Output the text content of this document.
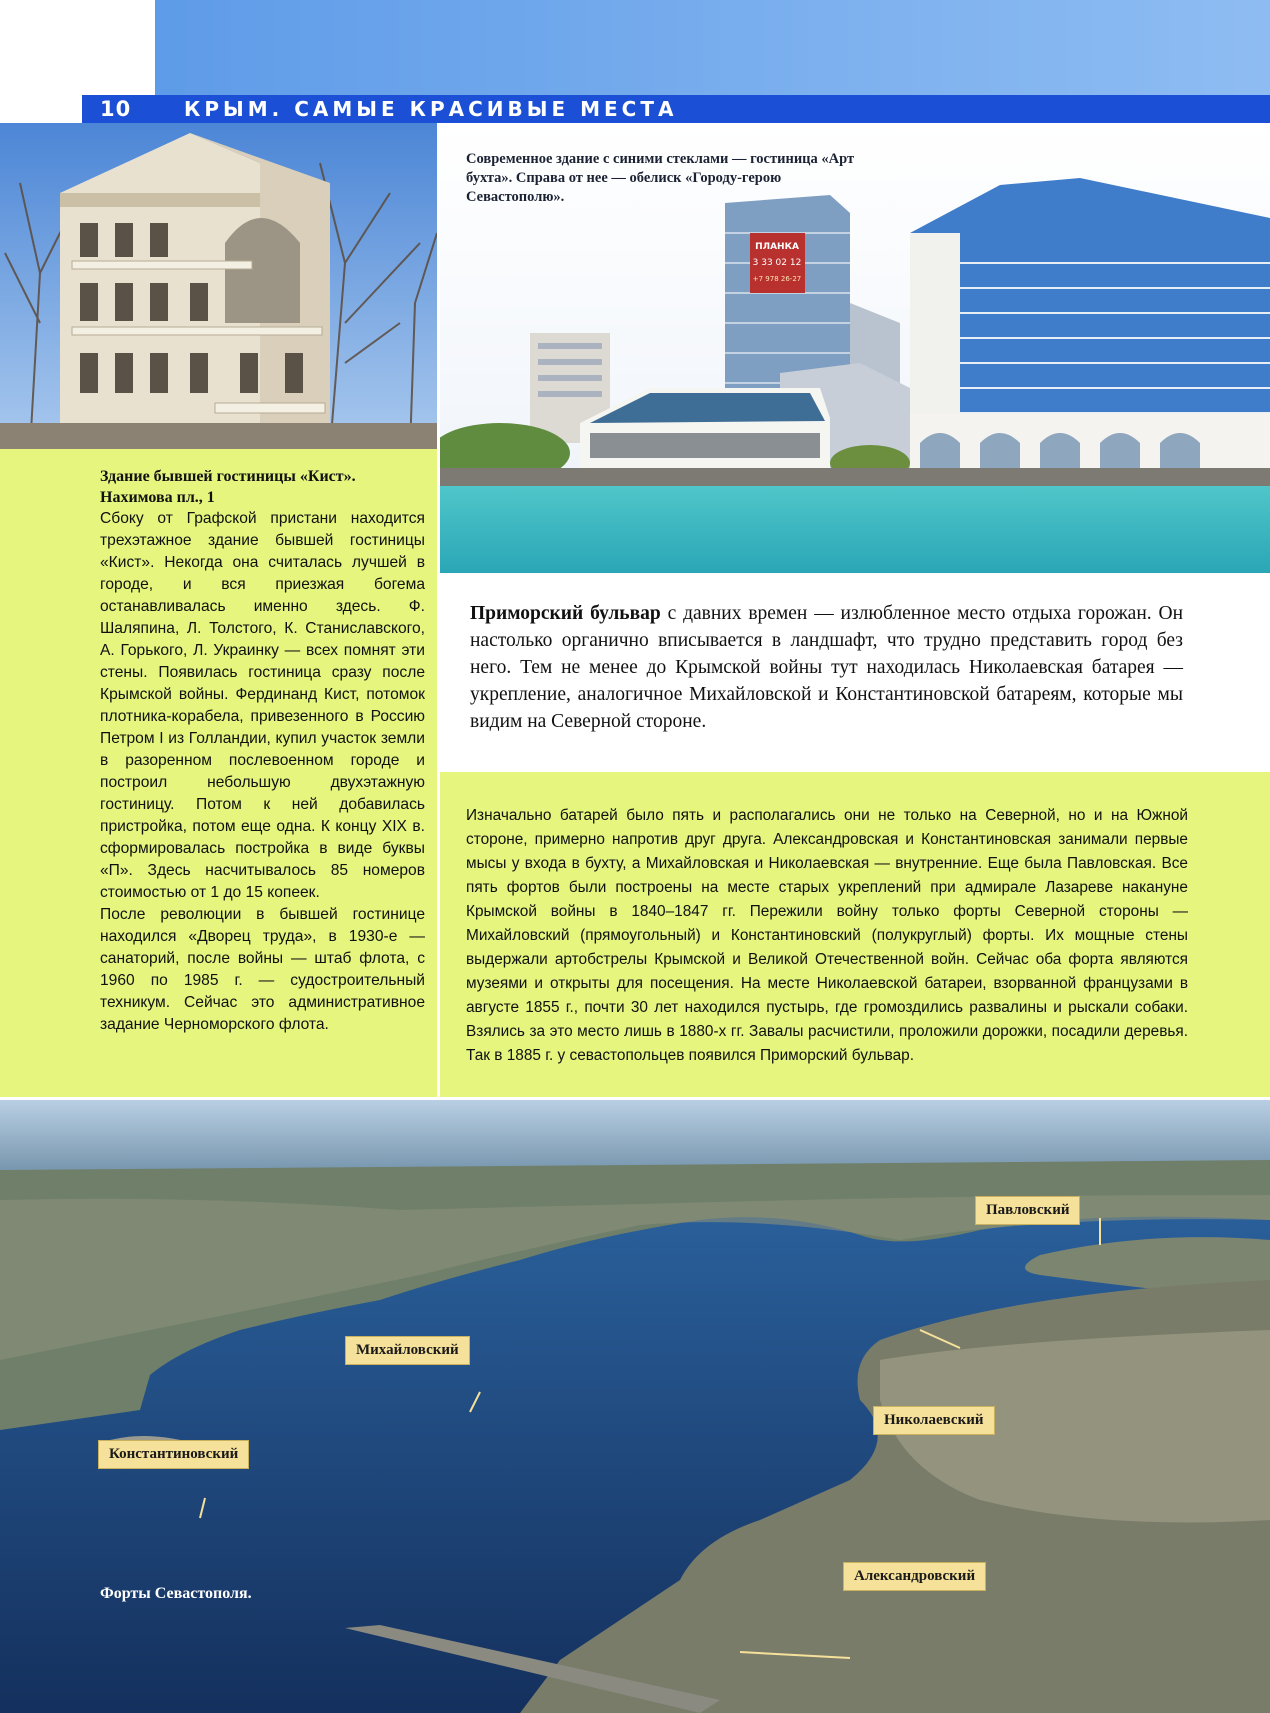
10	КРЫМ. САМЫЕ КРАСИВЫЕ МЕСТА
ПЛАНКА
3 33 02 12
+7 978 26-27
Современное здание с синими стеклами — гостиница «Арт бухта». Справа от нее — обелиск «Городу-герою Севастополю».
Здание бывшей гостиницы «Кист». Нахимова пл., 1

Сбоку от Графской пристани находится трехэтажное здание бывшей гостиницы «Кист». Некогда она считалась лучшей в городе, и вся приезжая богема останавливалась именно здесь. Ф. Шаляпина, Л. Толстого, К. Станиславского, А. Горького, Л. Украинку — всех помнят эти стены. Появилась гостиница сразу после Крымской войны. Фердинанд Кист, потомок плотника-корабела, привезенного в Россию Петром I из Голландии, купил участок земли в разоренном послевоенном городе и построил небольшую двухэтажную гостиницу. Потом к ней добавилась пристройка, потом еще одна. К концу XIX в. сформировалась постройка в виде буквы «П». Здесь насчитывалось 85 номеров стоимостью от 1 до 15 копеек.

После революции в бывшей гостинице находился «Дворец труда», в 1930-е — санаторий, после войны — штаб флота, с 1960 по 1985 г. — судостроительный техникум. Сейчас это административное задание Черноморского флота.

Приморский бульвар с давних времен — излюбленное место отдыха горожан. Он настолько органично вписывается в ландшафт, что трудно представить город без него. Тем не менее до Крымской войны тут находилась Николаевская батарея — укрепление, аналогичное Михайловской и Константиновской батареям, которые мы видим на Северной стороне.
Изначально батарей было пять и располагались они не только на Северной, но и на Южной стороне, примерно напротив друг друга. Александровская и Константиновская занимали первые мысы у входа в бухту, а Михайловская и Николаевская — внутренние. Еще была Павловская. Все пять фортов были построены на месте старых укреплений при адмирале Лазареве накануне Крымской войны в 1840–1847 гг. Пережили войну только форты Северной стороны — Михайловский (прямоугольный) и Константиновский (полукруглый) форты. Их мощные стены выдержали артобстрелы Крымской и Великой Отечественной войн. Сейчас оба форта являются музеями и открыты для посещения. На месте Николаевской батареи, взорванной французами в августе 1855 г., почти 30 лет находился пустырь, где громоздились развалины и рыскали собаки. Взялись за это место лишь в 1880-х гг. Завалы расчистили, проложили дорожки, посадили деревья. Так в 1885 г. у севастопольцев появился Приморский бульвар.
Павловский
Михайловский
Константиновский
Николаевский
Александровский
Форты Севастополя.
